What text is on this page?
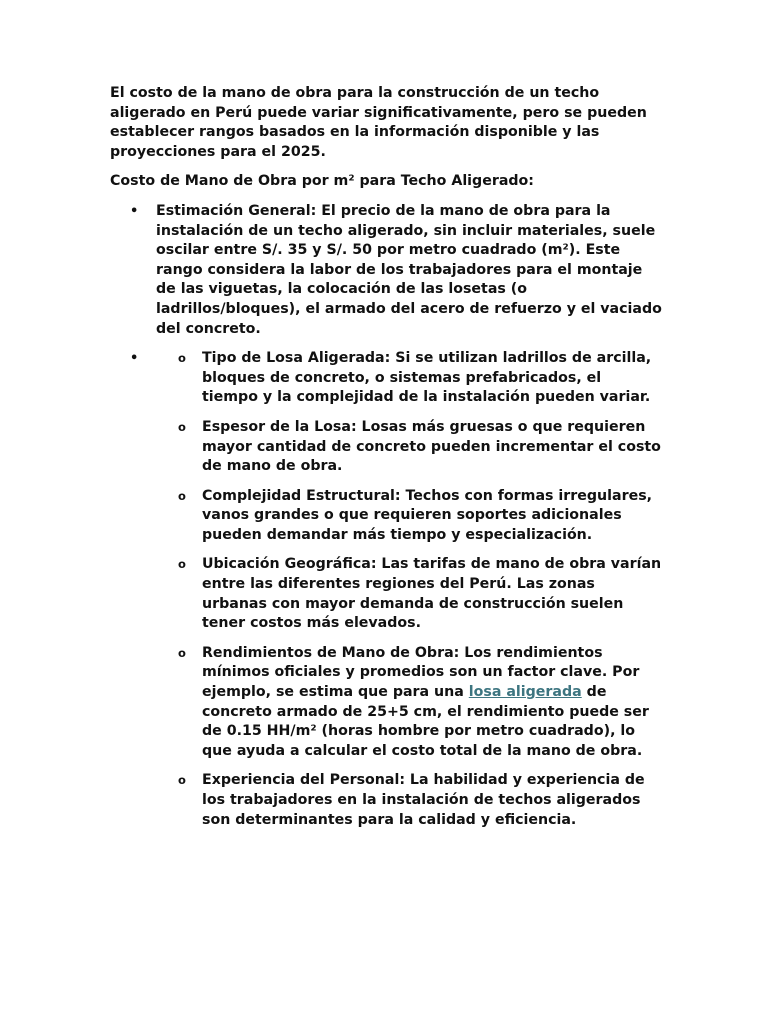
El costo de la mano de obra para la construcción de un techo aligerado en Perú puede variar significativamente, pero se pueden establecer rangos basados en la información disponible y las proyecciones para el 2025.

Costo de Mano de Obra por m² para Techo Aligerado:

• Estimación General: El precio de la mano de obra para la instalación de un techo aligerado, sin incluir materiales, suele oscilar entre S/. 35 y S/. 50 por metro cuadrado (m²). Este rango considera la labor de los trabajadores para el montaje de las viguetas, la colocación de las losetas (o ladrillos/bloques), el armado del acero de refuerzo y el vaciado del concreto.
•	o Tipo de Losa Aligerada: Si se utilizan ladrillos de arcilla, bloques de concreto, o sistemas prefabricados, el tiempo y la complejidad de la instalación pueden variar.
o Espesor de la Losa: Losas más gruesas o que requieren mayor cantidad de concreto pueden incrementar el costo de mano de obra.
o Complejidad Estructural: Techos con formas irregulares, vanos grandes o que requieren soportes adicionales pueden demandar más tiempo y especialización.
o Ubicación Geográfica: Las tarifas de mano de obra varían entre las diferentes regiones del Perú. Las zonas urbanas con mayor demanda de construcción suelen tener costos más elevados.
o Rendimientos de Mano de Obra: Los rendimientos mínimos oficiales y promedios son un factor clave. Por ejemplo, se estima que para una losa aligerada de concreto armado de 25+5 cm, el rendimiento puede ser de 0.15 HH/m² (horas hombre por metro cuadrado), lo que ayuda a calcular el costo total de la mano de obra.
o Experiencia del Personal: La habilidad y experiencia de los trabajadores en la instalación de techos aligerados son determinantes para la calidad y eficiencia.
